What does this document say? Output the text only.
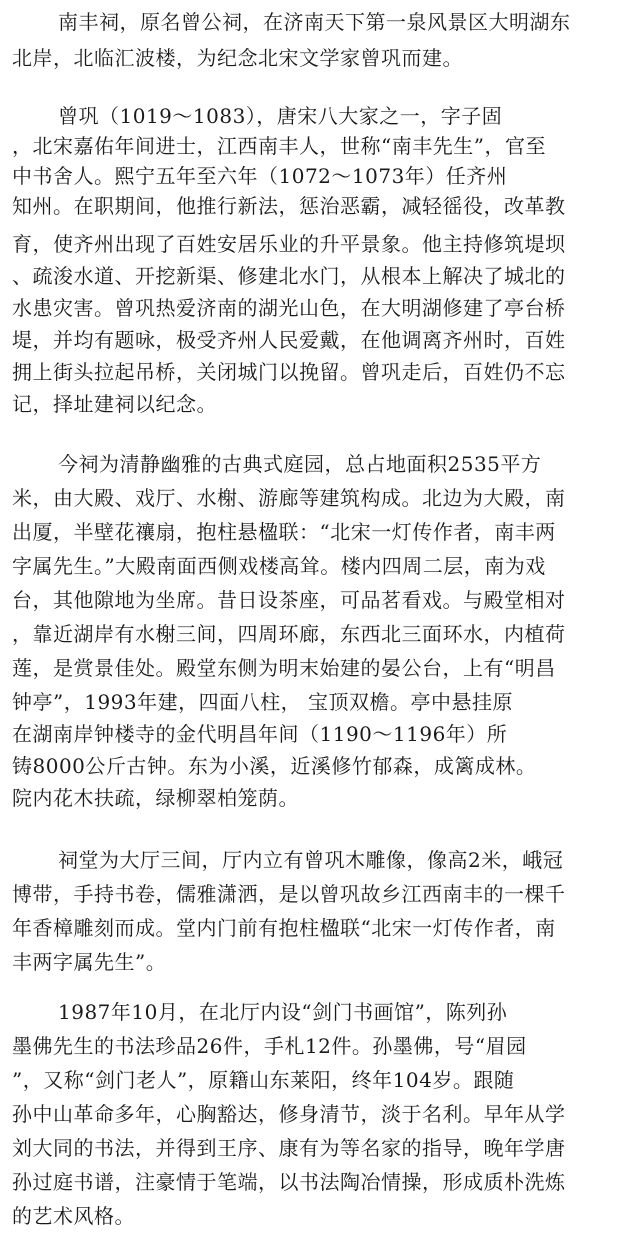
南丰祠，原名曾公祠，在济南天下第一泉风景区大明湖东
北岸，北临汇波楼，为纪念北宋文学家曾巩而建。
曾巩（1019～1083），唐宋八大家之一，字子固
，北宋嘉佑年间进士，江西南丰人，世称“南丰先生”，官至
中书舍人。熙宁五年至六年（1072～1073年）任齐州
知州。在职期间，他推行新法，惩治恶霸，减轻徭役，改革教
育，使齐州出现了百姓安居乐业的升平景象。他主持修筑堤坝
、疏浚水道、开挖新渠、修建北水门，从根本上解决了城北的
水患灾害。曾巩热爱济南的湖光山色，在大明湖修建了亭台桥
堤，并均有题咏，极受齐州人民爱戴，在他调离齐州时，百姓
拥上街头拉起吊桥，关闭城门以挽留。曾巩走后，百姓仍不忘
记，择址建祠以纪念。
今祠为清静幽雅的古典式庭园，总占地面积2535平方
米，由大殿、戏厅、水榭、游廊等建筑构成。北边为大殿，南
出厦，半壁花禳扇，抱柱悬楹联：“北宋一灯传作者，南丰两
字属先生。”大殿南面西侧戏楼高耸。楼内四周二层，南为戏
台，其他隙地为坐席。昔日设茶座，可品茗看戏。与殿堂相对
，靠近湖岸有水榭三间，四周环廊，东西北三面环水，内植荷
莲，是赏景佳处。殿堂东侧为明末始建的晏公台，上有“明昌
钟亭”，1993年建，四面八柱， 宝顶双檐。亭中悬挂原
在湖南岸钟楼寺的金代明昌年间（1190～1196年）所
铸8000公斤古钟。东为小溪，近溪修竹郁森，成篱成林。
院内花木扶疏，绿柳翠柏笼荫。
祠堂为大厅三间，厅内立有曾巩木雕像，像高2米，峨冠
博带，手持书卷，儒雅潇洒，是以曾巩故乡江西南丰的一棵千
年香樟雕刻而成。堂内门前有抱柱楹联“北宋一灯传作者，南
丰两字属先生”。
1987年10月，在北厅内设“剑门书画馆”，陈列孙
墨佛先生的书法珍品26件，手札12件。孙墨佛，号“眉园
”，又称“剑门老人”，原籍山东莱阳，终年104岁。跟随
孙中山革命多年，心胸豁达，修身清节，淡于名利。早年从学
刘大同的书法，并得到王序、康有为等名家的指导，晚年学唐
孙过庭书谱，注豪情于笔端，以书法陶冶情操，形成质朴洗炼
的艺术风格。
